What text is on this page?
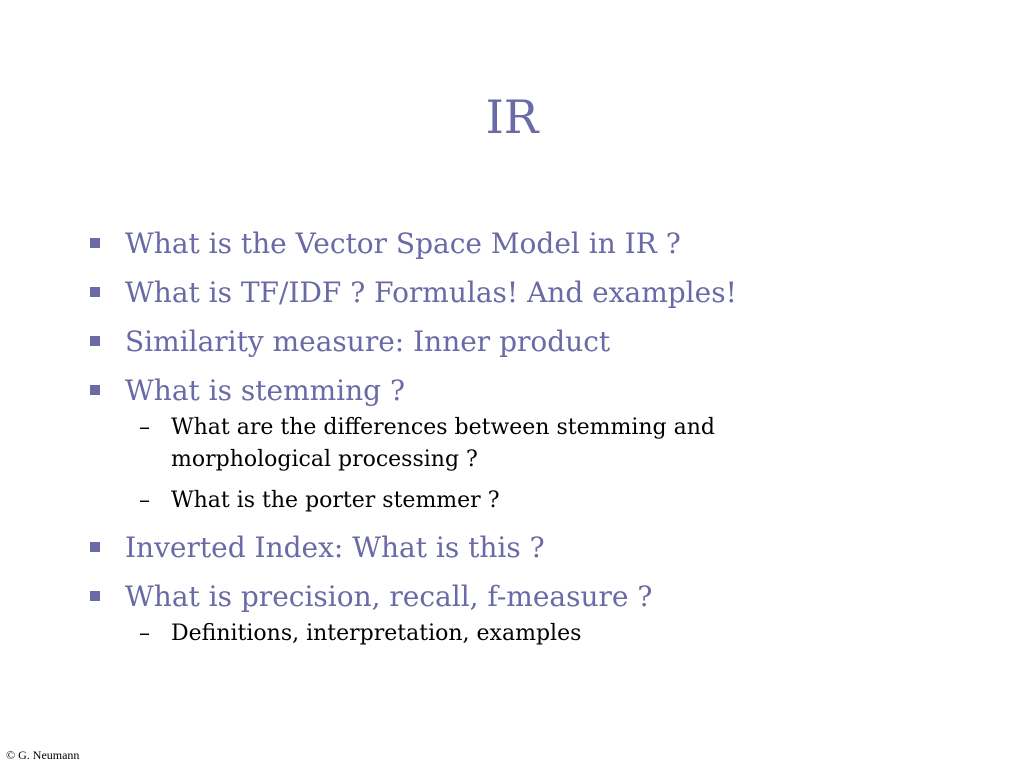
IR
What is the Vector Space Model in IR ?
What is TF/IDF ? Formulas! And examples!
Similarity measure: Inner product
What is stemming ?
– What are the differences between stemming and morphological processing ?
– What is the porter stemmer ?
Inverted Index: What is this ?
What is precision, recall, f-measure ?
– Definitions, interpretation, examples
© G. Neumann
